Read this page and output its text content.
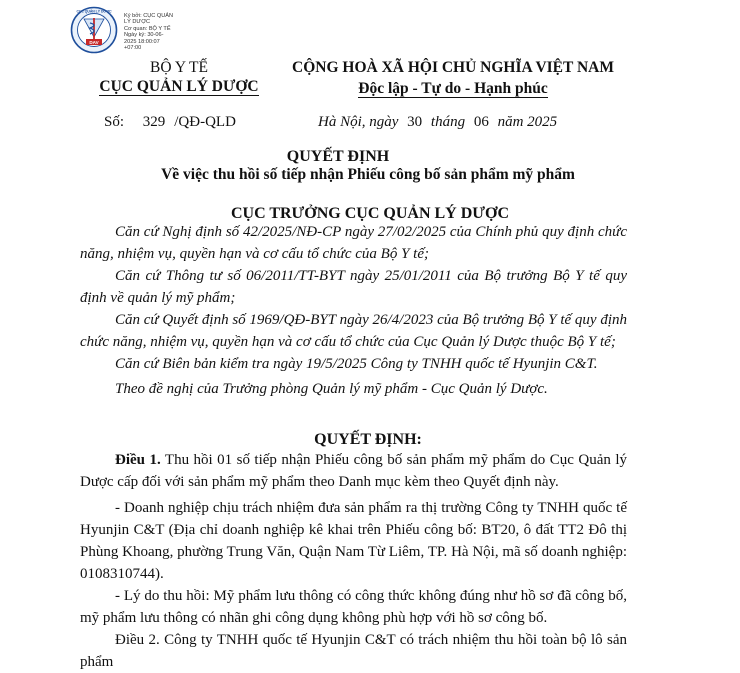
DAV
CỤC QUẢN LÝ DƯỢC
Ký bởi: CỤC QUẢN
LÝ DƯỢC
Cơ quan: BỘ Y TẾ
Ngày ký: 30-06-
2025 18:00:07
+07:00
BỘ Y TẾ
CỤC QUẢN LÝ DƯỢC
Số: 329 /QĐ-QLD
CỘNG HOÀ XÃ HỘI CHỦ NGHĨA VIỆT NAM
Độc lập - Tự do - Hạnh phúc
Hà Nội, ngày 30 tháng 06 năm 2025
QUYẾT ĐỊNH
Về việc thu hồi số tiếp nhận Phiếu công bố sản phẩm mỹ phẩm
CỤC TRƯỞNG CỤC QUẢN LÝ DƯỢC
Căn cứ Nghị định số 42/2025/NĐ-CP ngày 27/02/2025 của Chính phủ quy định chức năng, nhiệm vụ, quyền hạn và cơ cấu tổ chức của Bộ Y tế;
Căn cứ Thông tư số 06/2011/TT-BYT ngày 25/01/2011 của Bộ trưởng Bộ Y tế quy định về quản lý mỹ phẩm;
Căn cứ Quyết định số 1969/QĐ-BYT ngày 26/4/2023 của Bộ trưởng Bộ Y tế quy định chức năng, nhiệm vụ, quyền hạn và cơ cấu tổ chức của Cục Quản lý Dược thuộc Bộ Y tế;
Căn cứ Biên bản kiểm tra ngày 19/5/2025 Công ty TNHH quốc tế Hyunjin C&T.
Theo đề nghị của Trưởng phòng Quản lý mỹ phẩm - Cục Quản lý Dược.
QUYẾT ĐỊNH:
Điều 1. Thu hồi 01 số tiếp nhận Phiếu công bố sản phẩm mỹ phẩm do Cục Quản lý Dược cấp đối với sản phẩm mỹ phẩm theo Danh mục kèm theo Quyết định này.
- Doanh nghiệp chịu trách nhiệm đưa sản phẩm ra thị trường Công ty TNHH quốc tế Hyunjin C&T (Địa chỉ doanh nghiệp kê khai trên Phiếu công bố: BT20, ô đất TT2 Đô thị Phùng Khoang, phường Trung Văn, Quận Nam Từ Liêm, TP. Hà Nội, mã số doanh nghiệp: 0108310744).
- Lý do thu hồi: Mỹ phẩm lưu thông có công thức không đúng như hồ sơ đã công bố, mỹ phẩm lưu thông có nhãn ghi công dụng không phù hợp với hồ sơ công bố.
Điều 2. Công ty TNHH quốc tế Hyunjin C&T có trách nhiệm thu hồi toàn bộ lô sản phẩm
